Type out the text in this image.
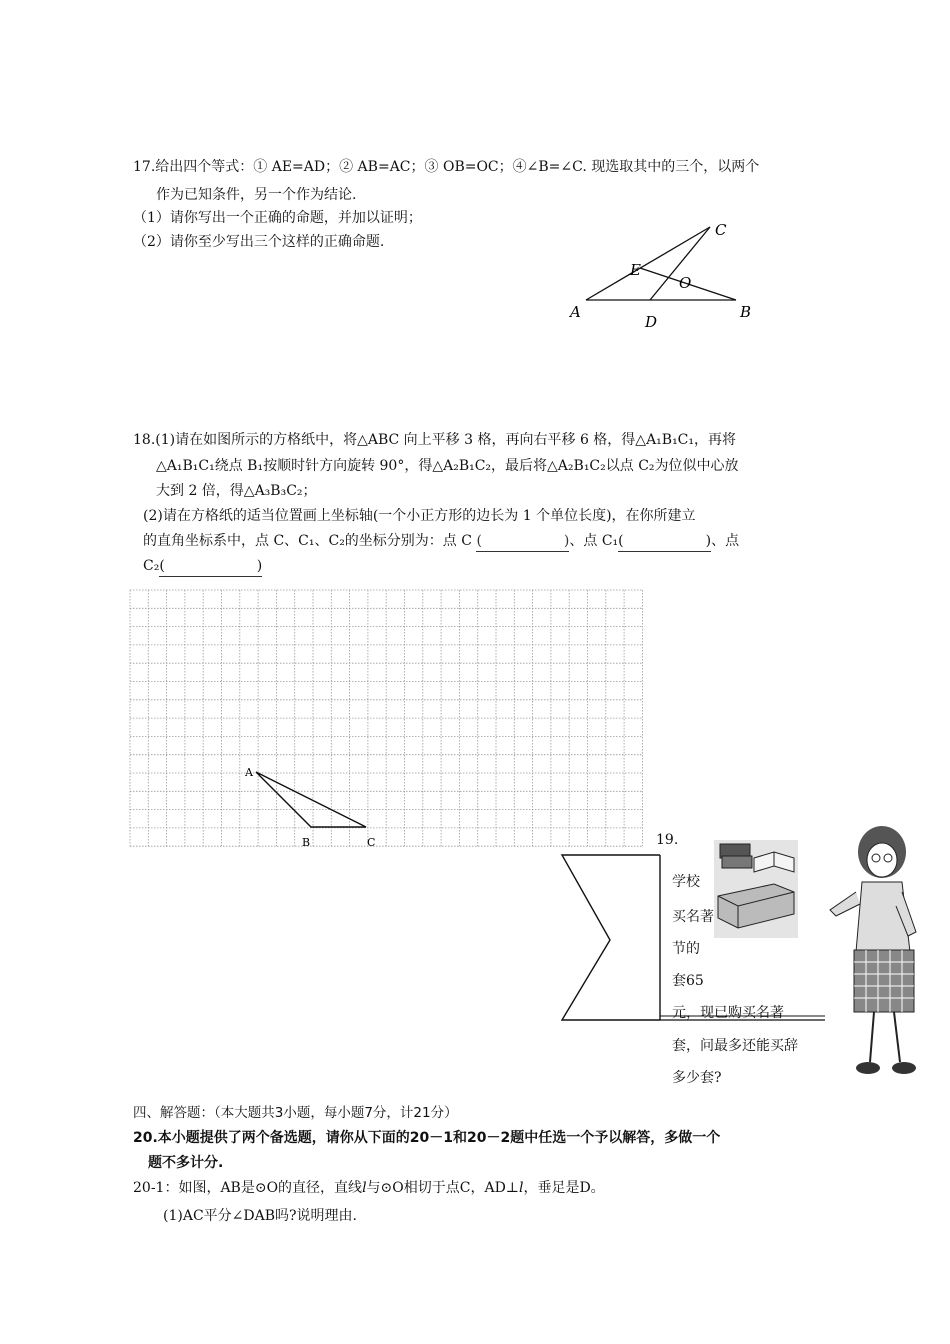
17.给出四个等式：① AE=AD；② AB=AC；③ OB=OC；④∠B=∠C. 现选取其中的三个，以两个
作为已知条件，另一个作为结论.
（1）请你写出一个正确的命题，并加以证明；
（2）请你至少写出三个这样的正确命题.
C
E
O
A
D
B
18.(1)请在如图所示的方格纸中，将△ABC 向上平移 3 格，再向右平移 6 格，得△A₁B₁C₁，再将
△A₁B₁C₁绕点 B₁按顺时针方向旋转 90°，得△A₂B₁C₂，最后将△A₂B₁C₂以点 C₂为位似中心放
大到 2 倍，得△A₃B₃C₂；
(2)请在方格纸的适当位置画上坐标轴(一个小正方形的边长为 1 个单位长度)，在你所建立
的直角坐标系中，点 C、C₁、C₂的坐标分别为：点 C (	)、点 C₁(	)、点
C₂(	)
A
B	C	19.
学校
买名著
节的
套65
元，现已购买名著
套，问最多还能买辞
多少套?
四、解答题：（本大题共3小题，每小题7分，计21分）
20.本小题提供了两个备选题，请你从下面的20－1和20－2题中任选一个予以解答，多做一个
题不多计分.
20-1：如图，AB是⊙O的直径，直线l与⊙O相切于点C，AD⊥l，垂足是D。
(1)AC平分∠DAB吗?说明理由.
